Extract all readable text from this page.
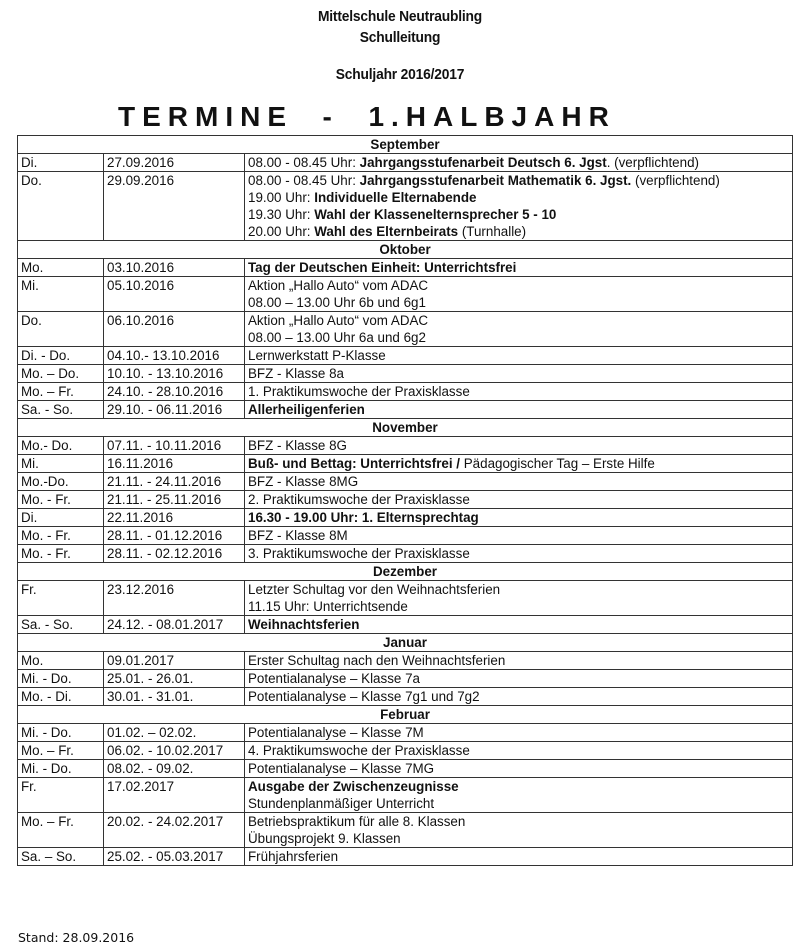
Mittelschule Neutraubling
Schulleitung
Schuljahr 2016/2017
TERMINE  -  1.HALBJAHR
September		
Di.	27.09.2016	08.00 - 08.45 Uhr: Jahrgangsstufenarbeit Deutsch 6. Jgst. (verpflichtend)

Do.	29.09.2016	08.00 - 08.45 Uhr: Jahrgangsstufenarbeit Mathematik 6. Jgst. (verpflichtend)
19.00 Uhr: Individuelle Elternabende
19.30 Uhr: Wahl der Klassenelternsprecher 5 - 10
20.00 Uhr: Wahl des Elternbeirats (Turnhalle)

Oktober		
Mo.	03.10.2016	Tag der Deutschen Einheit: Unterrichtsfrei

Mi.	05.10.2016	Aktion „Hallo Auto“ vom ADAC
08.00 – 13.00 Uhr 6b und 6g1

Do.	06.10.2016	Aktion „Hallo Auto“ vom ADAC
08.00 – 13.00 Uhr 6a und 6g2

Di. - Do.	04.10.- 13.10.2016	Lernwerkstatt P-Klasse

Mo. – Do.	10.10. - 13.10.2016	BFZ - Klasse 8a

Mo. – Fr.	24.10. - 28.10.2016	1. Praktikumswoche der Praxisklasse

Sa. - So.	29.10. - 06.11.2016	Allerheiligenferien

November		
Mo.- Do.	07.11. - 10.11.2016	BFZ - Klasse 8G

Mi.	16.11.2016	Buß- und Bettag: Unterrichtsfrei / Pädagogischer Tag – Erste Hilfe

Mo.-Do.	21.11. - 24.11.2016	BFZ - Klasse 8MG

Mo. - Fr.	21.11. - 25.11.2016	2. Praktikumswoche der Praxisklasse

Di.	22.11.2016	16.30 - 19.00 Uhr: 1. Elternsprechtag

Mo. - Fr.	28.11. - 01.12.2016	BFZ - Klasse 8M

Mo. - Fr.	28.11. - 02.12.2016	3. Praktikumswoche der Praxisklasse

Dezember		
Fr.	23.12.2016	Letzter Schultag vor den Weihnachtsferien
11.15 Uhr: Unterrichtsende

Sa. - So.	24.12. - 08.01.2017	Weihnachtsferien

Januar		
Mo.	09.01.2017	Erster Schultag nach den Weihnachtsferien

Mi. - Do.	25.01. - 26.01.	Potentialanalyse – Klasse 7a

Mo. - Di.	30.01. - 31.01.	Potentialanalyse – Klasse 7g1 und 7g2

Februar		
Mi. - Do.	01.02. – 02.02.	Potentialanalyse – Klasse 7M

Mo. – Fr.	06.02. - 10.02.2017	4. Praktikumswoche der Praxisklasse

Mi. - Do.	08.02. - 09.02.	Potentialanalyse – Klasse 7MG

Fr.	17.02.2017	Ausgabe der Zwischenzeugnisse
Stundenplanmäßiger Unterricht

Mo. – Fr.	20.02. - 24.02.2017	Betriebspraktikum für alle 8. Klassen
Übungsprojekt 9. Klassen

Sa. – So.	25.02. - 05.03.2017	Frühjahrsferien
Stand: 28.09.2016
